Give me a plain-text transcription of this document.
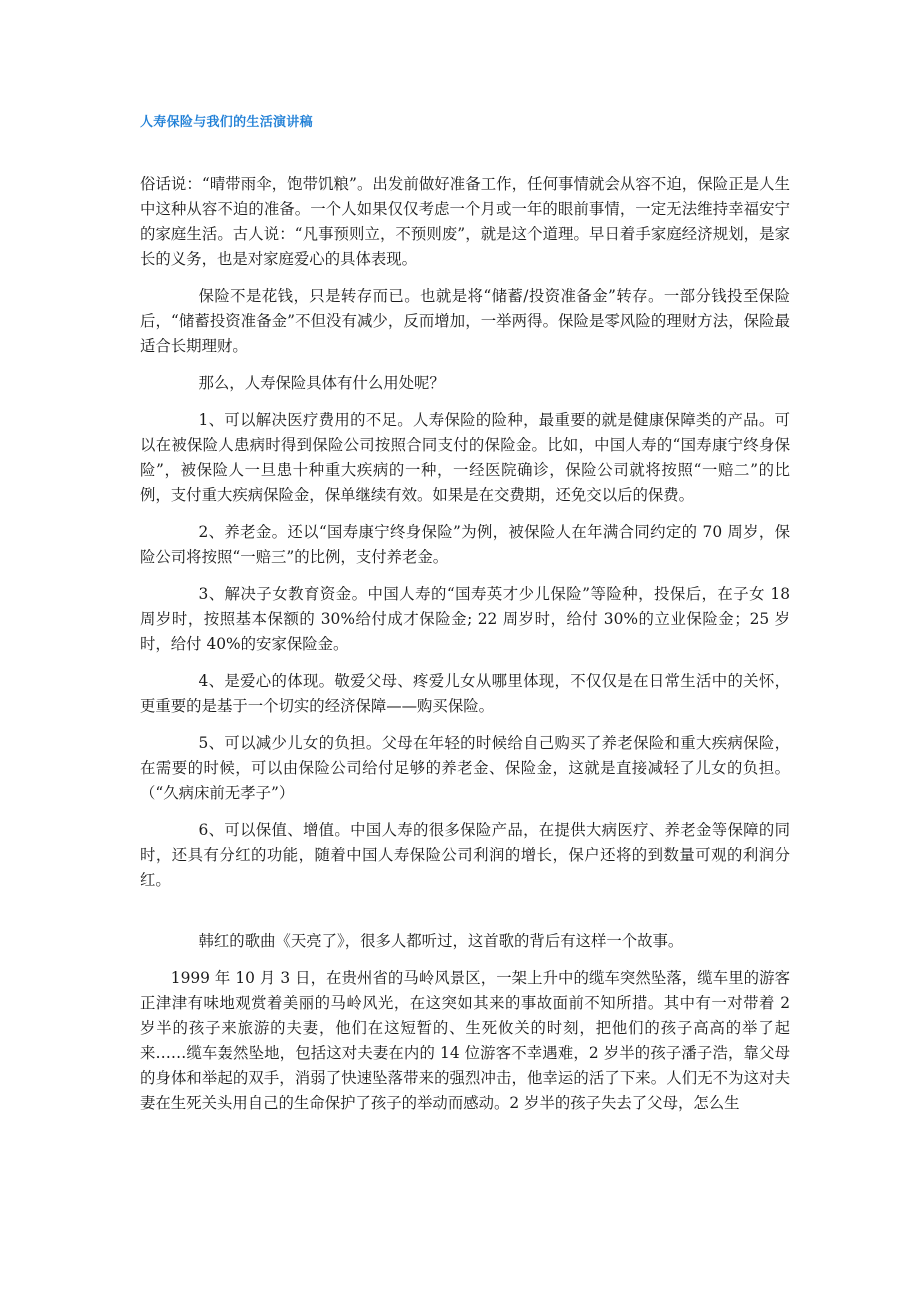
人寿保险与我们的生活演讲稿

俗话说：“晴带雨伞，饱带饥粮”。出发前做好准备工作，任何事情就会从容不迫，保险正是人生中这种从容不迫的准备。一个人如果仅仅考虑一个月或一年的眼前事情，一定无法维持幸福安宁的家庭生活。古人说：“凡事预则立，不预则废”，就是这个道理。早日着手家庭经济规划，是家长的义务，也是对家庭爱心的具体表现。

保险不是花钱，只是转存而已。也就是将“储蓄/投资准备金”转存。一部分钱投至保险后，“储蓄投资准备金”不但没有减少，反而增加，一举两得。保险是零风险的理财方法，保险最适合长期理财。

那么，人寿保险具体有什么用处呢？

1、可以解决医疗费用的不足。人寿保险的险种，最重要的就是健康保障类的产品。可以在被保险人患病时得到保险公司按照合同支付的保险金。比如，中国人寿的“国寿康宁终身保险”，被保险人一旦患十种重大疾病的一种，一经医院确诊，保险公司就将按照“一赔二”的比例，支付重大疾病保险金，保单继续有效。如果是在交费期，还免交以后的保费。

2、养老金。还以“国寿康宁终身保险”为例，被保险人在年满合同约定的 70 周岁，保险公司将按照“一赔三”的比例，支付养老金。

3、解决子女教育资金。中国人寿的“国寿英才少儿保险”等险种，投保后，在子女 18 周岁时，按照基本保额的 30%给付成才保险金; 22 周岁时，给付 30%的立业保险金；25 岁时，给付 40%的安家保险金。

4、是爱心的体现。敬爱父母、疼爱儿女从哪里体现，不仅仅是在日常生活中的关怀，更重要的是基于一个切实的经济保障——购买保险。

5、可以减少儿女的负担。父母在年轻的时候给自己购买了养老保险和重大疾病保险，在需要的时候，可以由保险公司给付足够的养老金、保险金，这就是直接减轻了儿女的负担。（“久病床前无孝子”）

6、可以保值、增值。中国人寿的很多保险产品，在提供大病医疗、养老金等保障的同时，还具有分红的功能，随着中国人寿保险公司利润的增长，保户还将的到数量可观的利润分红。

韩红的歌曲《天亮了》，很多人都听过，这首歌的背后有这样一个故事。

1999 年 10 月 3 日，在贵州省的马岭风景区，一架上升中的缆车突然坠落，缆车里的游客正津津有味地观赏着美丽的马岭风光，在这突如其来的事故面前不知所措。其中有一对带着 2 岁半的孩子来旅游的夫妻，他们在这短暂的、生死攸关的时刻，把他们的孩子高高的举了起来……缆车轰然坠地，包括这对夫妻在内的 14 位游客不幸遇难，2 岁半的孩子潘子浩，靠父母的身体和举起的双手，消弱了快速坠落带来的强烈冲击，他幸运的活了下来。人们无不为这对夫妻在生死关头用自己的生命保护了孩子的举动而感动。2 岁半的孩子失去了父母，怎么生
